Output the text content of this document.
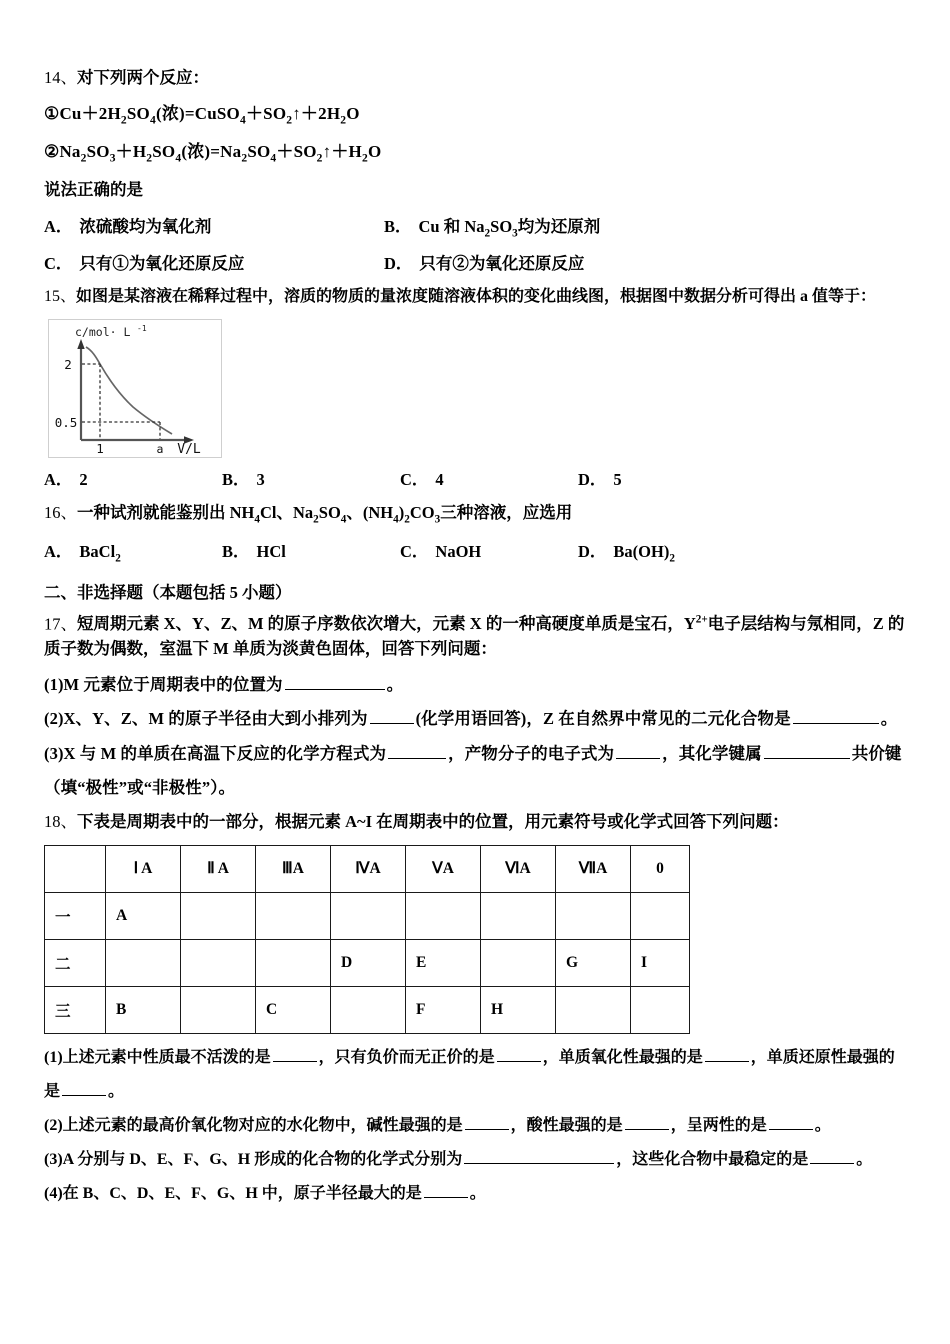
14、对下列两个反应：
$①Cu+2H_2SO_4$(浓)$=CuSO_4+SO_2↑+2H_2O$
$②Na_2SO_3+H_2SO_4$(浓)$=Na_2SO_4+SO_2↑+H_2O$
说法正确的是
A． 浓硫酸均为氧化剂	B． Cu 和 $Na_2SO_3$均为还原剂
C． 只有①为氧化还原反应	D． 只有②为氧化还原反应
15、如图是某溶液在稀释过程中，溶质的物质的量浓度随溶液体积的变化曲线图，根据图中数据分析可得出 a 值等于：
c/mol· L -1
2
0.5
1	a V/L
A． 2	B． 3	C． 4	D． 5
16、一种试剂就能鉴别出 $NH_4Cl$、$Na_2SO_4$、$(NH_4)_2CO_3$三种溶液，应选用
A． BaCl$_2$	B． HCl	C． NaOH	D． $Ba(OH)_2$
二、非选择题（本题包括 5 小题）
17、短周期元素 X、Y、Z、M 的原子序数依次增大，元素 X 的一种高硬度单质是宝石，$Y^{2+}$电子层结构与氖相同，Z 的质子数为偶数，室温下 M 单质为淡黄色固体，回答下列问题：
(1)M 元素位于周期表中的位置为	。
(2)X、Y、Z、M 的原子半径由大到小排列为	(化学用语回答)，Z 在自然界中常见的二元化合物是	。
(3)X 与 M 的单质在高温下反应的化学方程式为	，产物分子的电子式为	，其化学键属	共价键
（填“极性”或“非极性”）。
18、下表是周期表中的一部分，根据元素 A~I 在周期表中的位置，用元素符号或化学式回答下列问题：
	Ⅰ A	Ⅱ A	ⅢA	ⅣA	ⅤA	ⅥA	ⅦA	0
一	A							
二				D	E		G	I
三	B		C		F	H		
(1)上述元素中性质最不活泼的是	，只有负价而无正价的是	，单质氧化性最强的是	，单质还原性最强的
是	。
(2)上述元素的最高价氧化物对应的水化物中，碱性最强的是	，酸性最强的是	，呈两性的是	。
(3)A 分别与 D、E、F、G、H 形成的化合物的化学式分别为	，这些化合物中最稳定的是	。
(4)在 B、C、D、E、F、G、H 中，原子半径最大的是	。
